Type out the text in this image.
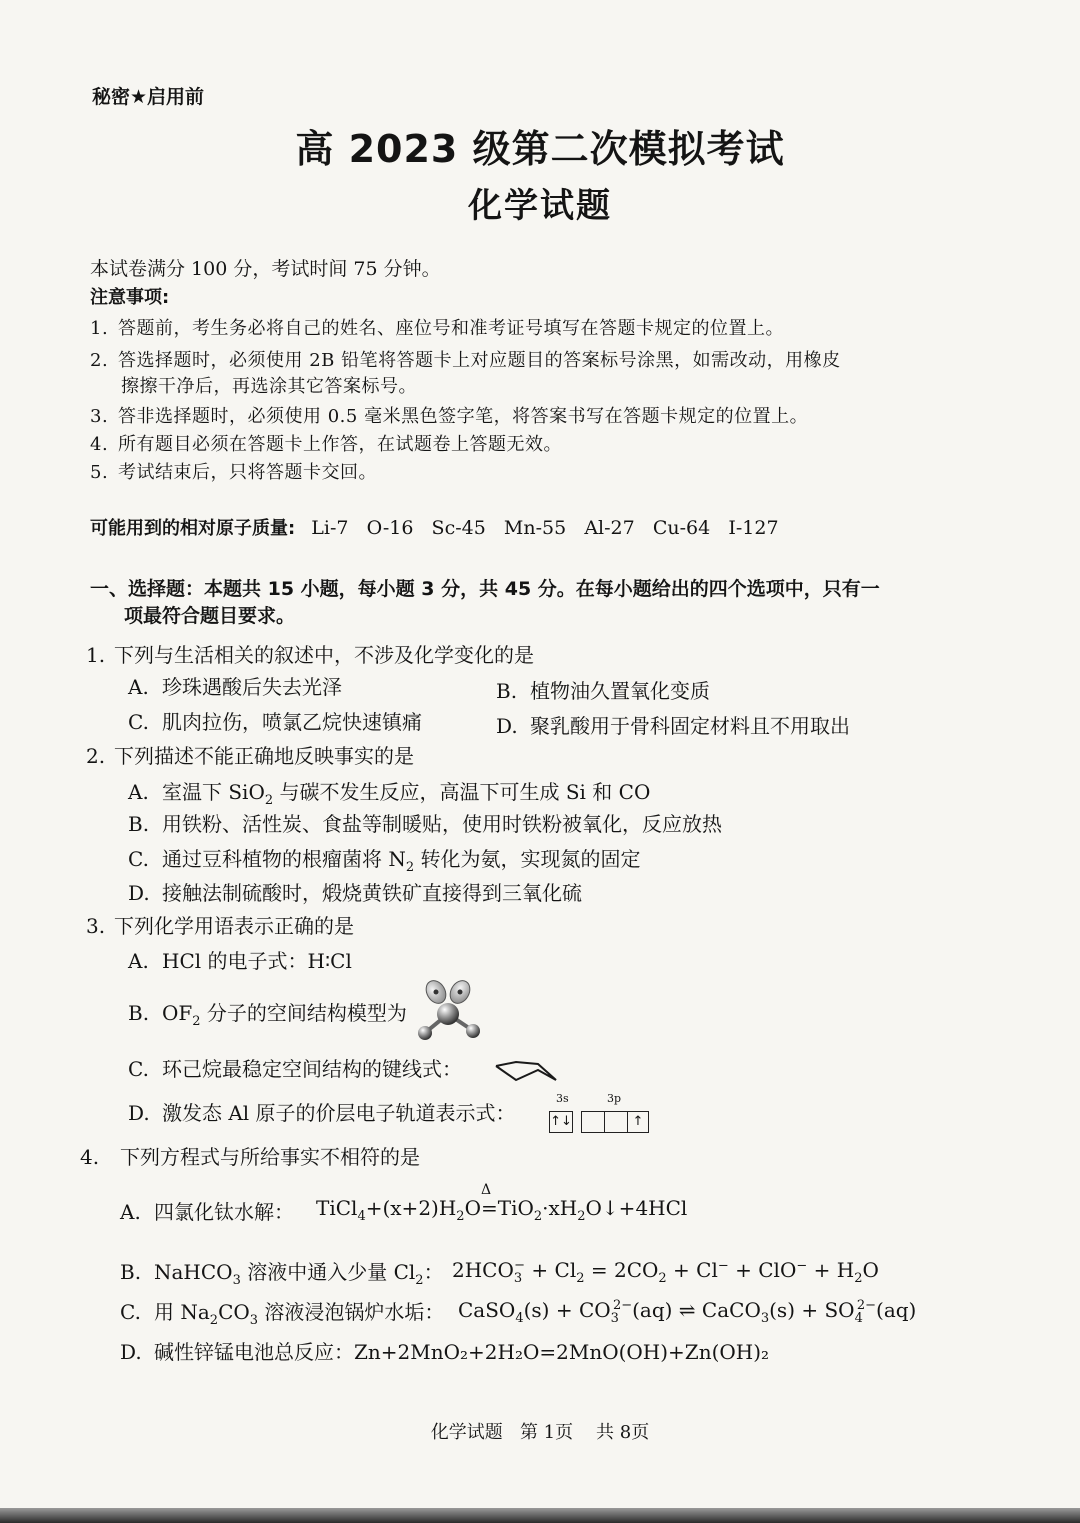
秘密★启用前
高 2023 级第二次模拟考试
化学试题
本试卷满分 100 分，考试时间 75 分钟。
注意事项:
1. 答题前，考生务必将自己的姓名、座位号和准考证号填写在答题卡规定的位置上。
2. 答选择题时，必须使用 2B 铅笔将答题卡上对应题目的答案标号涂黑，如需改动，用橡皮
擦擦干净后，再选涂其它答案标号。
3. 答非选择题时，必须使用 0.5 毫米黑色签字笔，将答案书写在答题卡规定的位置上。
4. 所有题目必须在答题卡上作答，在试题卷上答题无效。
5. 考试结束后，只将答题卡交回。
可能用到的相对原子质量: Li-7   O-16   Sc-45   Mn-55   Al-27   Cu-64   I-127
一、选择题：本题共 15 小题，每小题 3 分，共 45 分。在每小题给出的四个选项中，只有一
项最符合题目要求。
1. 下列与生活相关的叙述中，不涉及化学变化的是
A. 珍珠遇酸后失去光泽	B. 植物油久置氧化变质
C. 肌肉拉伤，喷氯乙烷快速镇痛	D. 聚乳酸用于骨科固定材料且不用取出
2. 下列描述不能正确地反映事实的是
A. 室温下 SiO$_2$ 与碳不发生反应，高温下可生成 Si 和 CO
B. 用铁粉、活性炭、食盐等制暖贴，使用时铁粉被氧化，反应放热
C. 通过豆科植物的根瘤菌将 $N_2$ 转化为氨，实现氮的固定
D. 接触法制硫酸时，煅烧黄铁矿直接得到三氧化硫
3. 下列化学用语表示正确的是
A. HCl 的电子式：H∶Cl
B. $OF_2$ 分子的空间结构模型为
C. 环己烷最稳定空间结构的键线式：
D. 激发态 Al 原子的价层电子轨道表示式：
3s	3p
↑↓	↑
4. 下列方程式与所给事实不相符的是
A. 四氯化钛水解： $TiCl_4+(x+2)H_2O$
Δ
$=TiO_2\cdot xH_2O↓+4HCl$
B. NaHCO$_3$ 溶液中通入少量 $Cl_2$： $2HCO_3^- + Cl_2 = 2CO_2 + Cl^- + ClO^- + H_2O$
C. 用 $Na_2CO_3$ 溶液浸泡锅炉水垢： CaSO$_4$(s) + $CO_3^{2-}(aq)$ ⇌ CaCO$_3$(s) + $SO_4^{2-}(aq)$
D. 碱性锌锰电池总反应：Zn+2MnO₂+2H₂O=2MnO(OH)+Zn(OH)₂
化学试题   第 1页    共 8页
